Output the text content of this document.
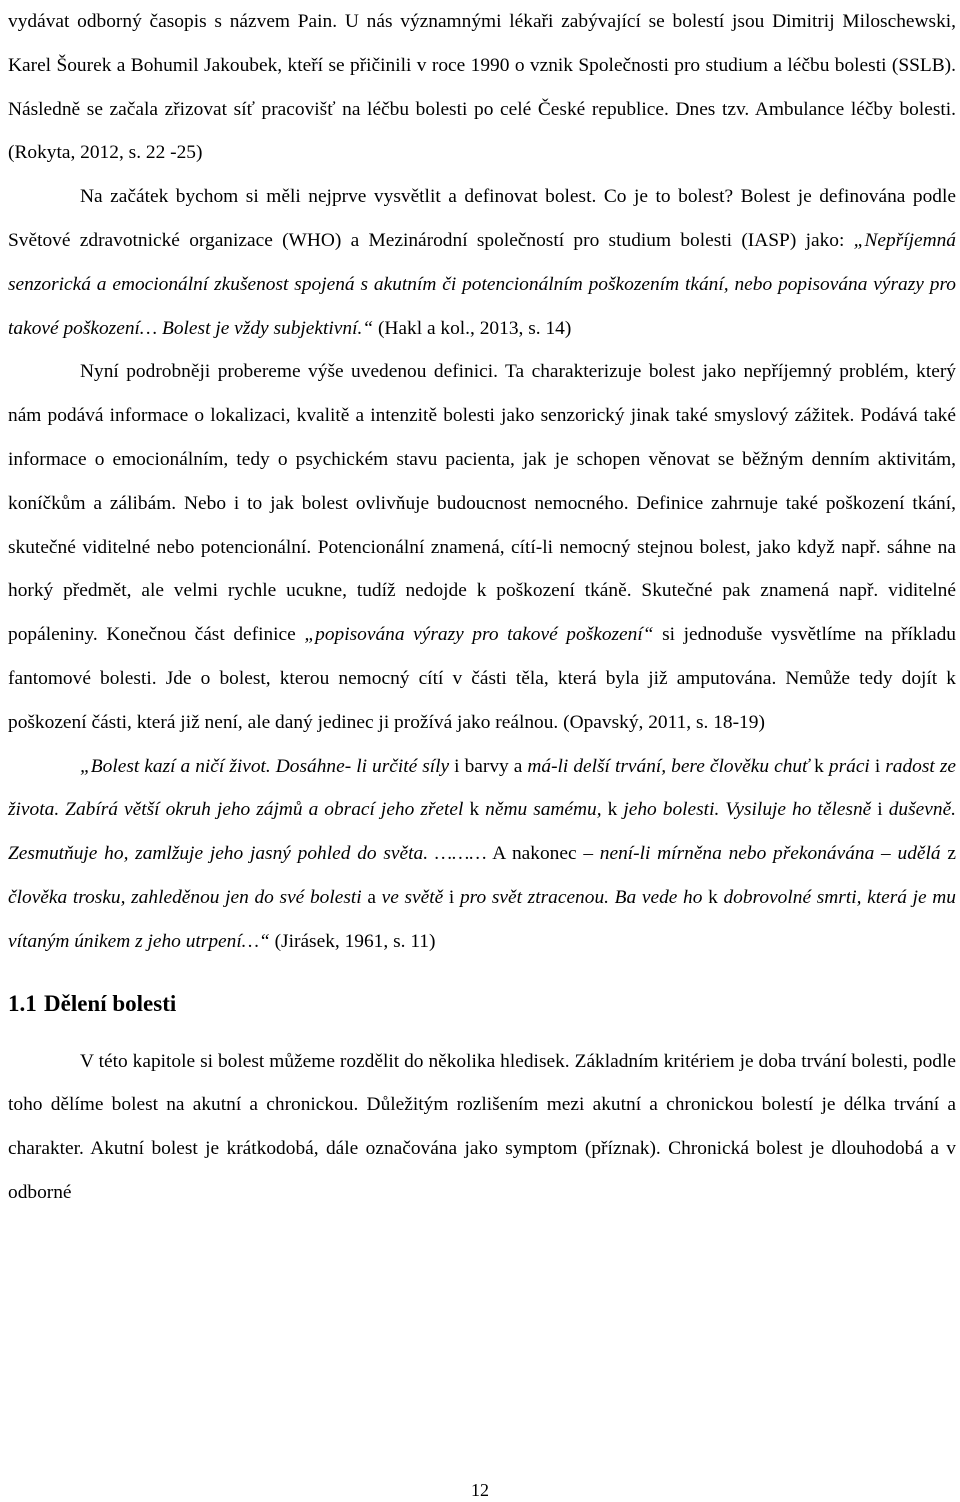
vydávat odborný časopis s názvem Pain. U nás významnými lékaři zabývající se bolestí jsou Dimitrij Miloschewski, Karel Šourek a Bohumil Jakoubek, kteří se přičinili v roce 1990 o vznik Společnosti pro studium a léčbu bolesti (SSLB). Následně se začala zřizovat síť pracovišť na léčbu bolesti po celé České republice. Dnes tzv. Ambulance léčby bolesti. (Rokyta, 2012, s. 22 -25)

Na začátek bychom si měli nejprve vysvětlit a definovat bolest. Co je to bolest? Bolest je definována podle Světové zdravotnické organizace (WHO) a Mezinárodní společností pro studium bolesti (IASP) jako: „Nepříjemná senzorická a emocionální zkušenost spojená s akutním či potencionálním poškozením tkání, nebo popisována výrazy pro takové poškození… Bolest je vždy subjektivní.“ (Hakl a kol., 2013, s. 14)

Nyní podrobněji probereme výše uvedenou definici. Ta charakterizuje bolest jako nepříjemný problém, který nám podává informace o lokalizaci, kvalitě a intenzitě bolesti jako senzorický jinak také smyslový zážitek. Podává také informace o emocionálním, tedy o psychickém stavu pacienta, jak je schopen věnovat se běžným denním aktivitám, koníčkům a zálibám. Nebo i to jak bolest ovlivňuje budoucnost nemocného. Definice zahrnuje také poškození tkání, skutečné viditelné nebo potencionální. Potencionální znamená, cítí-li nemocný stejnou bolest, jako když např. sáhne na horký předmět, ale velmi rychle ucukne, tudíž nedojde k poškození tkáně. Skutečné pak znamená např. viditelné popáleniny. Konečnou část definice „popisována výrazy pro takové poškození“ si jednoduše vysvětlíme na příkladu fantomové bolesti. Jde o bolest, kterou nemocný cítí v části těla, která byla již amputována. Nemůže tedy dojít k poškození části, která již není, ale daný jedinec ji prožívá jako reálnou. (Opavský, 2011, s. 18-19)

„Bolest kazí a ničí život. Dosáhne- li určité síly i barvy a má-li delší trvání, bere člověku chuť k práci i radost ze života. Zabírá větší okruh jeho zájmů a obrací jeho zřetel k němu samému, k jeho bolesti. Vysiluje ho tělesně i duševně. Zesmutňuje ho, zamlžuje jeho jasný pohled do světa. ……… A nakonec – není-li mírněna nebo překonávána – udělá z člověka trosku, zahleděnou jen do své bolesti a ve světě i pro svět ztracenou. Ba vede ho k dobrovolné smrti, která je mu vítaným únikem z jeho utrpení…“ (Jirásek, 1961, s. 11)

1.1 Dělení bolesti

V této kapitole si bolest můžeme rozdělit do několika hledisek. Základním kritériem je doba trvání bolesti, podle toho dělíme bolest na akutní a chronickou. Důležitým rozlišením mezi akutní a chronickou bolestí je délka trvání a charakter. Akutní bolest je krátkodobá, dále označována jako symptom (příznak). Chronická bolest je dlouhodobá a v odborné

12
